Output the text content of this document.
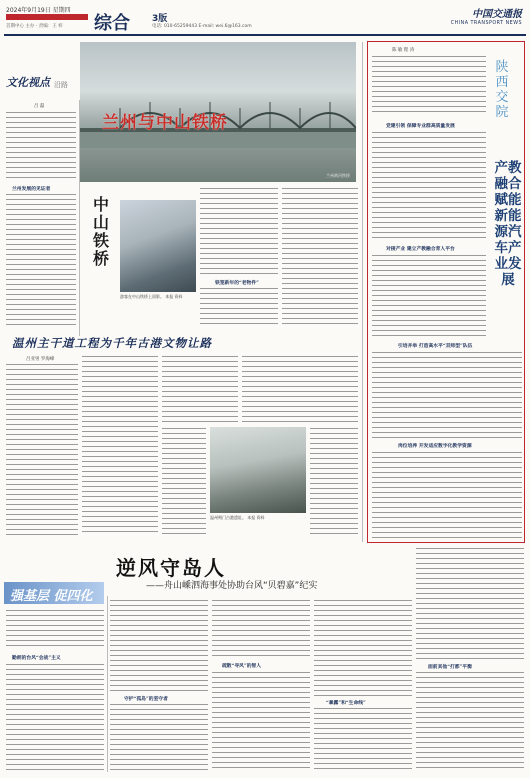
2024年9月19日 星期四
首期中心 主办 · 责编：王 梓 综合 3版
电话: 010-65259443 E-mail: wei.6@163.com
中国交通报
CHINA TRANSPORT NEWS
文化视点 沿路
吕 磊
兰州发展的见证者
兰州与中山铁桥
兰州黄河铁桥
中
山
铁
桥
游客在中山铁桥上留影。 本报 资料
铁笼新年的“老物件”
温州主干道工程为千年古港文物让路
吕亚男 罗海峰
温州朔门古港遗址。 本报 资料
陈 敏 程 涛
陕西交院
产教融合赋能新能源汽车产业发展
党建引领 保障专业群高质量发展
对接产业 建立产教融合育人平台
引培并举 打造高水平“双师型”队伍
岗位培养 开发适应数字化教学资源
强基层 促四化
逆风守岛人
——舟山嵊泗海事处协助台风“贝碧嘉”纪实
勤朗的台风“会战”主义
守护“孤岛”的坚守者
疏散“寻风”的智人
“暴露”和“生命线”
面前其他“打都”平衡
